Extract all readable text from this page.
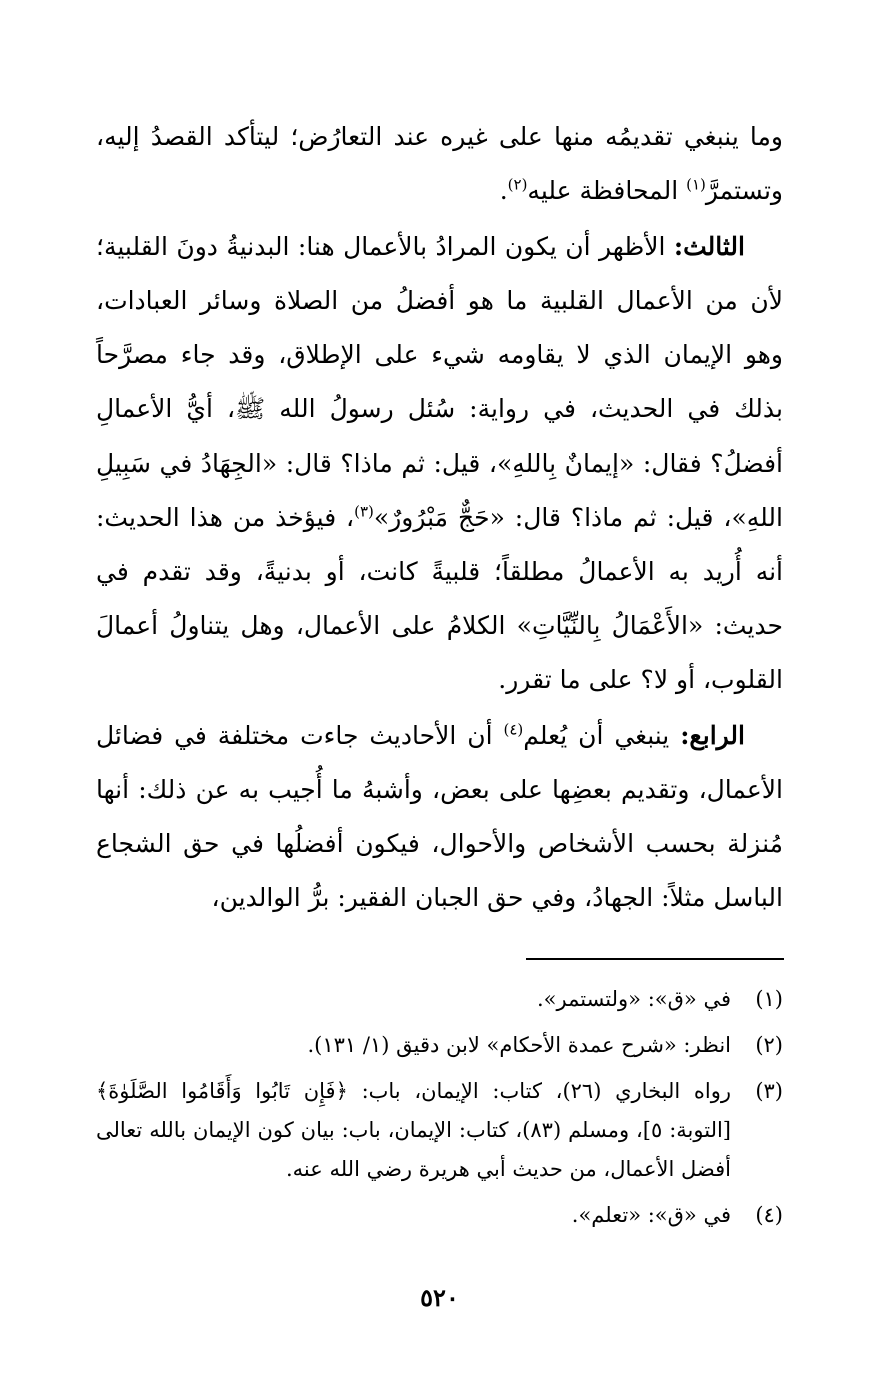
وما ينبغي تقديمُه منها على غيره عند التعارُض؛ ليتأكد القصدُ إليه، وتستمرَّ$^{(١)}$ المحافظة عليه$^{(٢)}$.

الثالث: الأظهر أن يكون المرادُ بالأعمال هنا: البدنيةُ دونَ القلبية؛ لأن من الأعمال القلبية ما هو أفضلُ من الصلاة وسائر العبادات، وهو الإيمان الذي لا يقاومه شيء على الإطلاق، وقد جاء مصرَّحاً بذلك في الحديث، في رواية: سُئل رسولُ الله ﷺ، أيُّ الأعمالِ أفضلُ؟ فقال: «إيمانٌ بِاللهِ»، قيل: ثم ماذا؟ قال: «الجِهَادُ في سَبِيلِ اللهِ»، قيل: ثم ماذا؟ قال: «حَجٌّ مَبْرُورٌ»$^{(٣)}$، فيؤخذ من هذا الحديث: أنه أُريد به الأعمالُ مطلقاً؛ قلبيةً كانت، أو بدنيةً، وقد تقدم في حديث: «الأَعْمَالُ بِالنِّيَّاتِ» الكلامُ على الأعمال، وهل يتناولُ أعمالَ القلوب، أو لا؟ على ما تقرر.

الرابع: ينبغي أن يُعلم$^{(٤)}$ أن الأحاديث جاءت مختلفة في فضائل الأعمال، وتقديم بعضِها على بعض، وأشبهُ ما أُجيب به عن ذلك: أنها مُنزلة بحسب الأشخاص والأحوال، فيكون أفضلُها في حق الشجاع الباسل مثلاً: الجهادُ، وفي حق الجبان الفقير: برُّ الوالدين،

(١)
في «ق»: «ولتستمر».
(٢)
انظر: «شرح عمدة الأحكام» لابن دقيق (١/ ١٣١).
(٣)
رواه البخاري (٢٦)، كتاب: الإيمان، باب: ﴿فَإِن تَابُوا وَأَقَامُوا الصَّلَوٰةَ﴾ [التوبة: ٥]، ومسلم (٨٣)، كتاب: الإيمان، باب: بيان كون الإيمان بالله تعالى أفضل الأعمال، من حديث أبي هريرة رضي الله عنه.
(٤)
في «ق»: «تعلم».
٥٢٠
